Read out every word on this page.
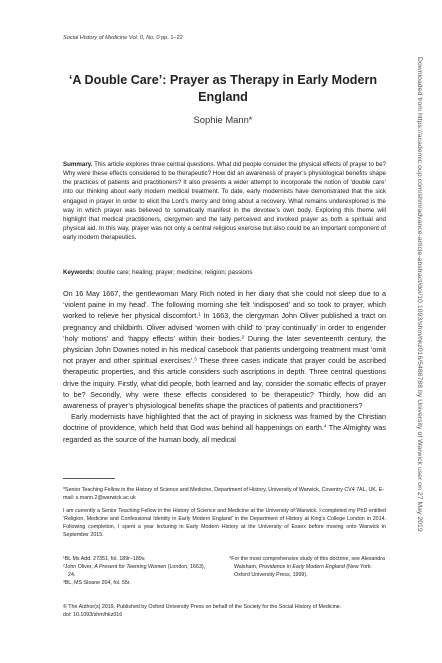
Social History of Medicine Vol. 0, No. 0 pp. 1–22
‘A Double Care’: Prayer as Therapy in Early Modern England
Sophie Mann*
Summary. This article explores three central questions. What did people consider the physical effects of prayer to be? Why were these effects considered to be therapeutic? How did an awareness of prayer’s physiological benefits shape the practices of patients and practitioners? It also presents a wider attempt to incorporate the notion of ‘double care’ into our thinking about early modern medical treatment. To date, early modernists have demonstrated that the sick engaged in prayer in order to elicit the Lord’s mercy and bring about a recovery. What remains underexplored is the way in which prayer was believed to somatically manifest in the devotee’s own body. Exploring this theme will highlight that medical practitioners, clergymen and the laity perceived and invoked prayer as both a spiritual and physical aid. In this way, prayer was not only a central religious exercise but also could be an important component of early modern therapeutics.
Keywords: double care; healing; prayer; medicine; religion; passions

On 16 May 1667, the gentlewoman Mary Rich noted in her diary that she could not sleep due to a ‘violent paine in my head’. The following morning she felt ‘indisposed’ and so took to prayer, which worked to relieve her physical discomfort.$^1$ In 1663, the clergyman John Oliver published a tract on pregnancy and childbirth. Oliver advised ‘women with child’ to ‘pray continually’ in order to engender ‘holy motions’ and ‘happy effects’ within their bodies.$^2$ During the later seventeenth century, the physician John Downes noted in his medical casebook that patients undergoing treatment must ‘omit not prayer and other spiritual exercises’.$^3$ These three cases indicate that prayer could be ascribed therapeutic properties, and this article considers such ascriptions in depth. Three central questions drive the inquiry. Firstly, what did people, both learned and lay, consider the somatic effects of prayer to be? Secondly, why were these effects considered to be therapeutic? Thirdly, how did an awareness of prayer’s physiological benefits shape the practices of patients and practitioners?

Early modernists have highlighted that the act of praying in sickness was framed by the Christian doctrine of providence, which held that God was behind all happenings on earth.$^4$ The Almighty was regarded as the source of the human body, all medical

*Senior Teaching Fellow in the History of Science and Medicine, Department of History, University of Warwick, Coventry CV4 7AL, UK. E-mail: s.mann.2@warwick.ac.uk
I am currently a Senior Teaching Fellow in the History of Science and Medicine at the University of Warwick. I completed my PhD entitled ‘Religion, Medicine and Confessional Identity in Early Modern England’ in the Department of History at King’s College London in 2014. Following completion, I spent a year lecturing in Early Modern History at the University of Essex before moving onto Warwick in September 2015.
¹BL Ms Add. 27351, fol. 189r–189v.
²John Oliver, A Present for Teeming Women (London, 1663), 24.
³BL, MS Sloane 204, fol. 55r.
⁴For the most comprehensive study of this doctrine, see Alexandra Walsham, Providence in Early Modern England (New York: Oxford University Press, 1999).
© The Author(s) 2019. Published by Oxford University Press on behalf of the Society for the Social History of Medicine.
doi: 10.1093/shm/hkz016
Downloaded from https://academic.oup.com/shm/advance-article-abstract/doi/10.1093/shm/hkz016/5486788 by University of Warwick user on 27 May 2019
